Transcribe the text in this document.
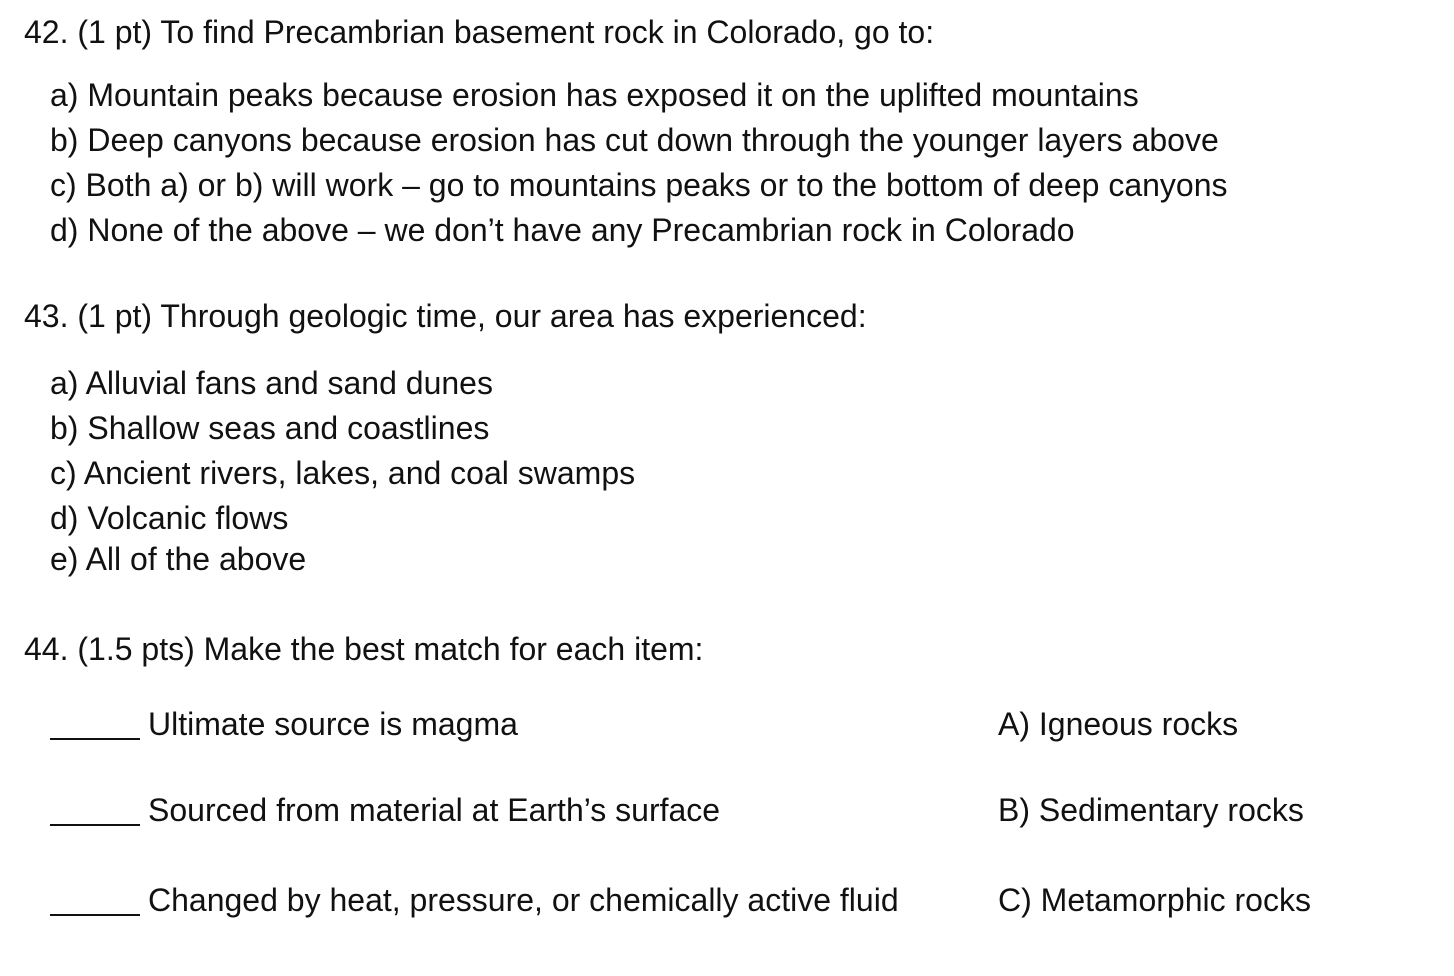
42. (1 pt) To find Precambrian basement rock in Colorado, go to:
a) Mountain peaks because erosion has exposed it on the uplifted mountains
b) Deep canyons because erosion has cut down through the younger layers above
c) Both a) or b) will work – go to mountains peaks or to the bottom of deep canyons
d) None of the above – we don’t have any Precambrian rock in Colorado
43. (1 pt) Through geologic time, our area has experienced:
a) Alluvial fans and sand dunes
b) Shallow seas and coastlines
c) Ancient rivers, lakes, and coal swamps
d) Volcanic flows
e) All of the above
44. (1.5 pts) Make the best match for each item:
Ultimate source is magma	A) Igneous rocks
Sourced from material at Earth’s surface	B) Sedimentary rocks
Changed by heat, pressure, or chemically active fluid	C) Metamorphic rocks
